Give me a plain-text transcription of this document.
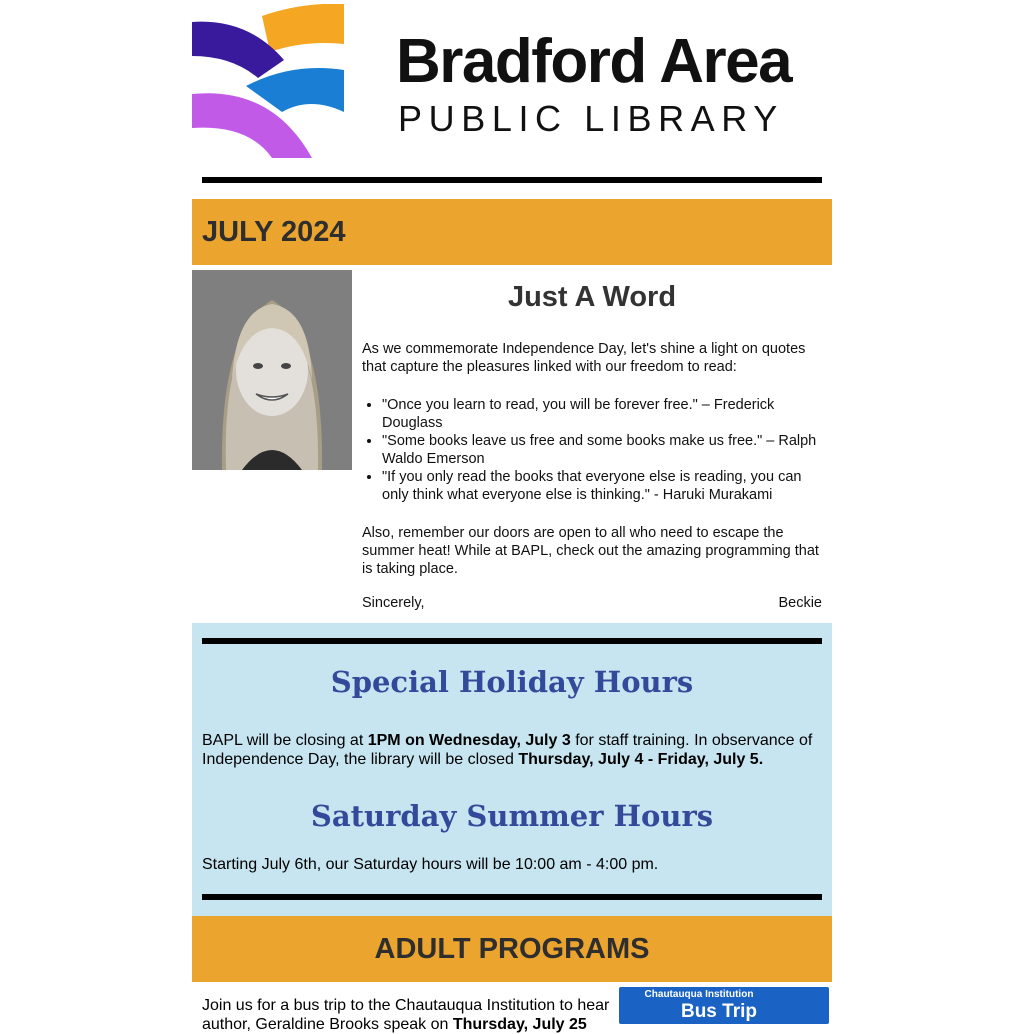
Bradford Area
PUBLIC LIBRARY
JULY 2024
Just A Word

As we commemorate Independence Day, let's shine a light on quotes that capture the pleasures linked with our freedom to read:

• "Once you learn to read, you will be forever free." – Frederick Douglass
• "Some books leave us free and some books make us free." – Ralph Waldo Emerson
• "If you only read the books that everyone else is reading, you can only think what everyone else is thinking." - Haruki Murakami

Also, remember our doors are open to all who need to escape the summer heat! While at BAPL, check out the amazing programming that is taking place.

Sincerely,	Beckie
Special Holiday Hours
BAPL will be closing at 1PM on Wednesday, July 3 for staff training. In observance of Independence Day, the library will be closed Thursday, July 4 - Friday, July 5.
Saturday Summer Hours
Starting July 6th, our Saturday hours will be 10:00 am - 4:00 pm.
ADULT PROGRAMS
Join us for a bus trip to the Chautauqua Institution to hear author, Geraldine Brooks speak on Thursday, July 25
Chautauqua Institution
Bus Trip
